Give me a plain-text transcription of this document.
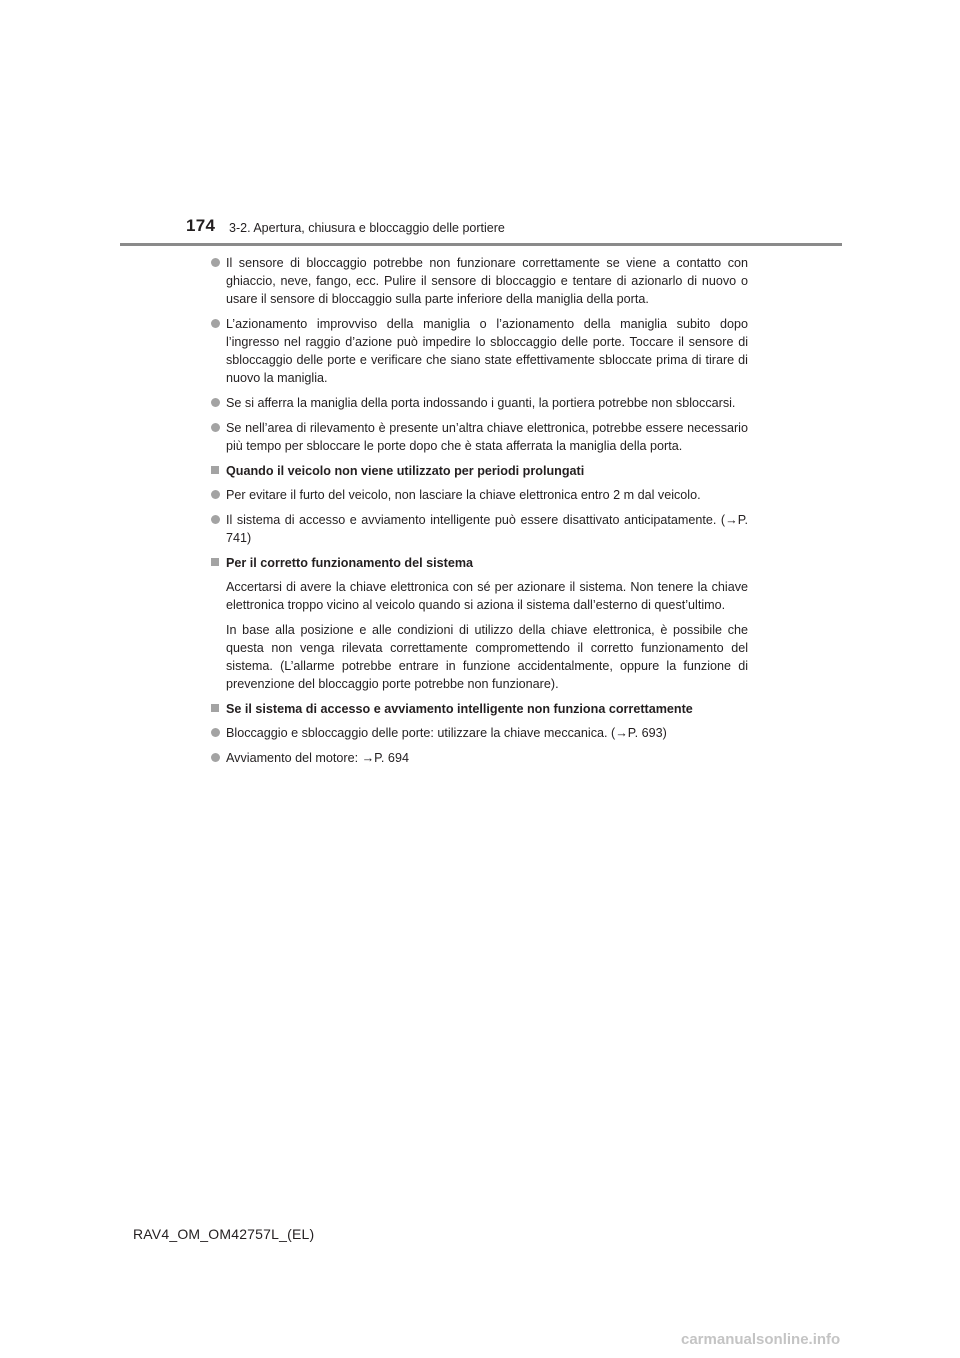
174 3-2. Apertura, chiusura e bloccaggio delle portiere
Il sensore di bloccaggio potrebbe non funzionare correttamente se viene a contatto con ghiaccio, neve, fango, ecc. Pulire il sensore di bloccaggio e tentare di azionarlo di nuovo o usare il sensore di bloccaggio sulla parte inferiore della maniglia della porta.
L’azionamento improvviso della maniglia o l’azionamento della maniglia subito dopo l’ingresso nel raggio d’azione può impedire lo sbloccaggio delle porte. Toccare il sensore di sbloccaggio delle porte e verificare che siano state effettivamente sbloccate prima di tirare di nuovo la maniglia.
Se si afferra la maniglia della porta indossando i guanti, la portiera potrebbe non sbloccarsi.
Se nell’area di rilevamento è presente un’altra chiave elettronica, potrebbe essere necessario più tempo per sbloccare le porte dopo che è stata afferrata la maniglia della porta.
Quando il veicolo non viene utilizzato per periodi prolungati
Per evitare il furto del veicolo, non lasciare la chiave elettronica entro 2 m dal veicolo.
Il sistema di accesso e avviamento intelligente può essere disattivato anticipatamente. (→P. 741)
Per il corretto funzionamento del sistema
Accertarsi di avere la chiave elettronica con sé per azionare il sistema. Non tenere la chiave elettronica troppo vicino al veicolo quando si aziona il sistema dall’esterno di quest’ultimo.
In base alla posizione e alle condizioni di utilizzo della chiave elettronica, è possibile che questa non venga rilevata correttamente compromettendo il corretto funzionamento del sistema. (L’allarme potrebbe entrare in funzione accidentalmente, oppure la funzione di prevenzione del bloccaggio porte potrebbe non funzionare).
Se il sistema di accesso e avviamento intelligente non funziona correttamente
Bloccaggio e sbloccaggio delle porte: utilizzare la chiave meccanica. (→P. 693)
Avviamento del motore: →P. 694
RAV4_OM_OM42757L_(EL)
carmanualsonline.info
